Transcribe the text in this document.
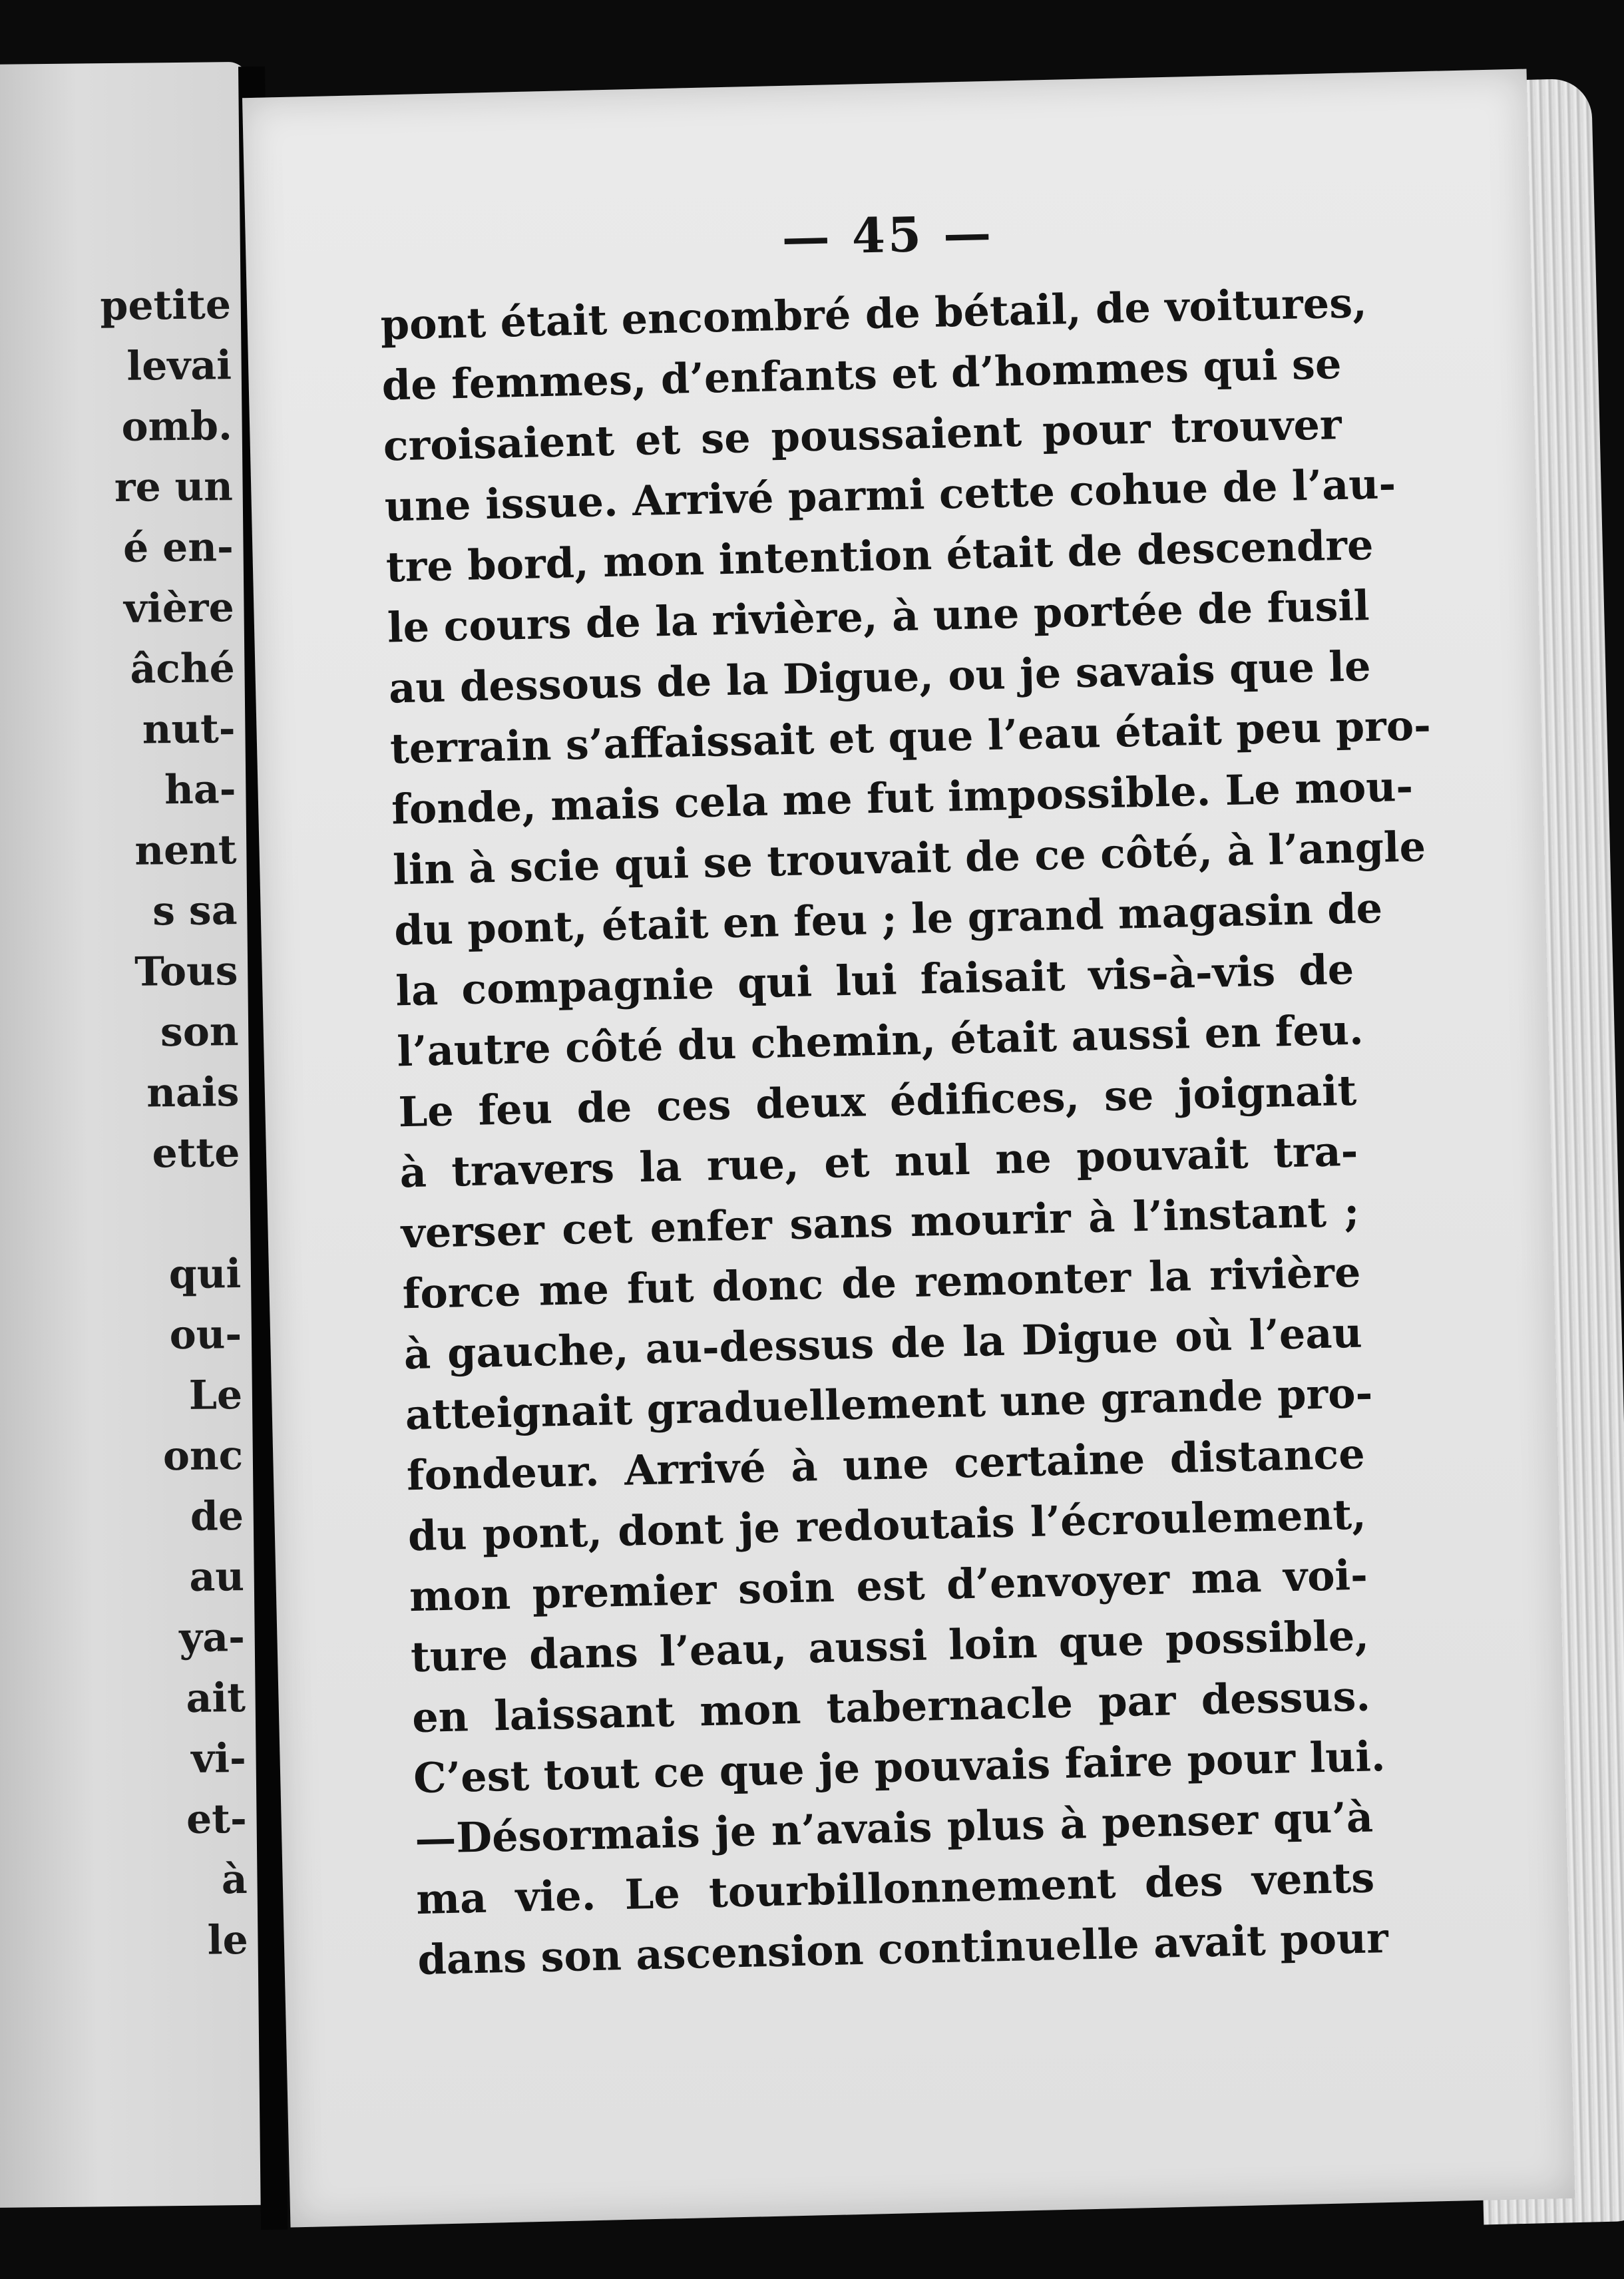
petite
levai
omb.
re un
é en-
vière
âché
nut-
ha-
nent
s sa
Tous
son
nais
ette
qui
ou-
Le
onc
de
au
ya-
ait
vi-
et-
à
le
— 45 —
pont était encombré de bétail, de voitures,
de femmes, d’enfants et d’hommes qui se
croisaient et se poussaient pour trouver
une issue. Arrivé parmi cette cohue de l’au-
tre bord, mon intention était de descendre
le cours de la rivière, à une portée de fusil
au dessous de la Digue, ou je savais que le
terrain s’affaissait et que l’eau était peu pro-
fonde, mais cela me fut impossible. Le mou-
lin à scie qui se trouvait de ce côté, à l’angle
du pont, était en feu ; le grand magasin de
la compagnie qui lui faisait vis-à-vis de
l’autre côté du chemin, était aussi en feu.
Le feu de ces deux édifices, se joignait
à travers la rue, et nul ne pouvait tra-
verser cet enfer sans mourir à l’instant ;
force me fut donc de remonter la rivière
à gauche, au-dessus de la Digue où l’eau
atteignait graduellement une grande pro-
fondeur. Arrivé à une certaine distance
du pont, dont je redoutais l’écroulement,
mon premier soin est d’envoyer ma voi-
ture dans l’eau, aussi loin que possible,
en laissant mon tabernacle par dessus.
C’est tout ce que je pouvais faire pour lui.
—Désormais je n’avais plus à penser qu’à
ma vie. Le tourbillonnement des vents
dans son ascension continuelle avait pour
